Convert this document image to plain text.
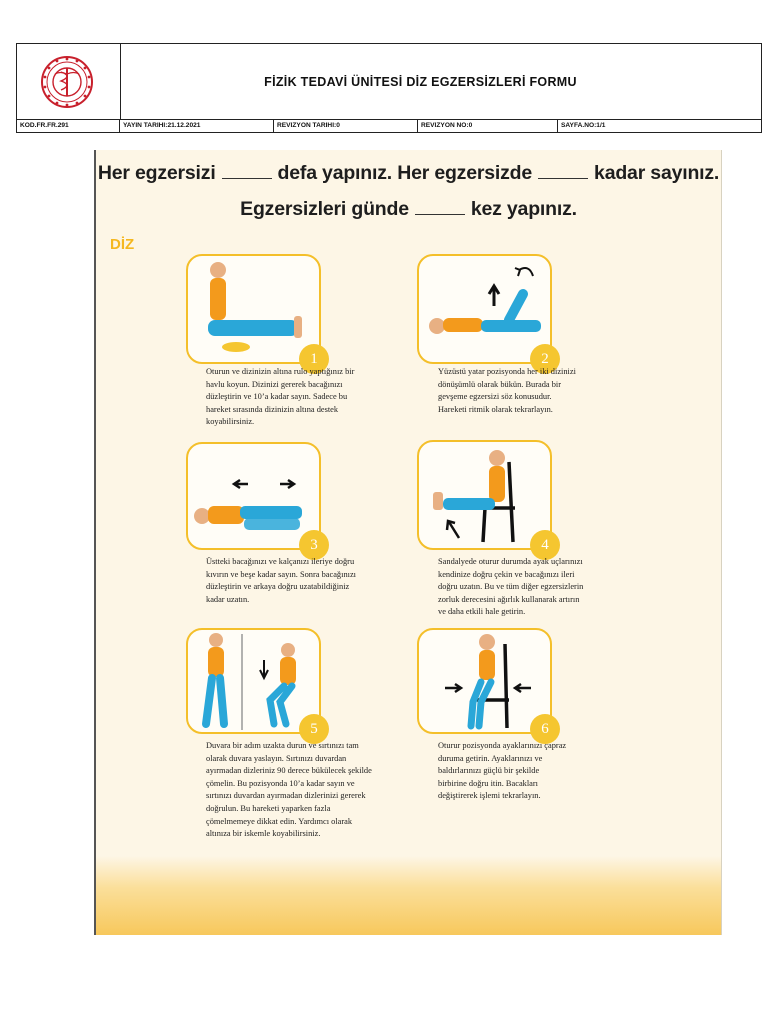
FİZİK TEDAVİ ÜNİTESİ DİZ EGZERSİZLERİ FORMU
KOD.FR.FR.291	YAYIN TARIHI:21.12.2021	REVIZYON TARIHI:0	REVIZYON NO:0	SAYFA.NO:1/1
Her egzersizi	defa yapınız. Her egzersizde	kadar sayınız.
Egzersizleri günde	kez yapınız.
DİZ
1
Oturun ve dizinizin altına rulo yaptığınız bir
havlu koyun. Dizinizi gererek bacağınızı
düzleştirin ve 10’a kadar sayın. Sadece bu
hareket sırasında dizinizin altına destek
koyabilirsiniz.
2
Yüzüstü yatar pozisyonda her iki dizinizi
dönüşümlü olarak bükün. Burada bir
gevşeme egzersizi söz konusudur.
Hareketi ritmik olarak tekrarlayın.
3
Üstteki bacağınızı ve kalçanızı ileriye doğru
kıvırın ve beşe kadar sayın. Sonra bacağınızı
düzleştirin ve arkaya doğru uzatabildiğiniz
kadar uzatın.
4
Sandalyede oturur durumda ayak uçlarınızı
kendinize doğru çekin ve bacağınızı ileri
doğru uzatın. Bu ve tüm diğer egzersizlerin
zorluk derecesini ağırlık kullanarak artırın
ve daha etkili hale getirin.
5
Duvara bir adım uzakta durun ve sırtınızı tam
olarak duvara yaslayın. Sırtınızı duvardan
ayırmadan dizleriniz 90 derece bükülecek şekilde
çömelin. Bu pozisyonda 10’a kadar sayın ve
sırtınızı duvardan ayırmadan dizlerinizi gererek
doğrulun. Bu hareketi yaparken fazla
çömelmemeye dikkat edin. Yardımcı olarak
altınıza bir iskemle koyabilirsiniz.
6
Oturur pozisyonda ayaklarınızı çapraz
duruma getirin. Ayaklarınızı ve
baldırlarınızı güçlü bir şekilde
birbirine doğru itin. Bacakları
değiştirerek işlemi tekrarlayın.
